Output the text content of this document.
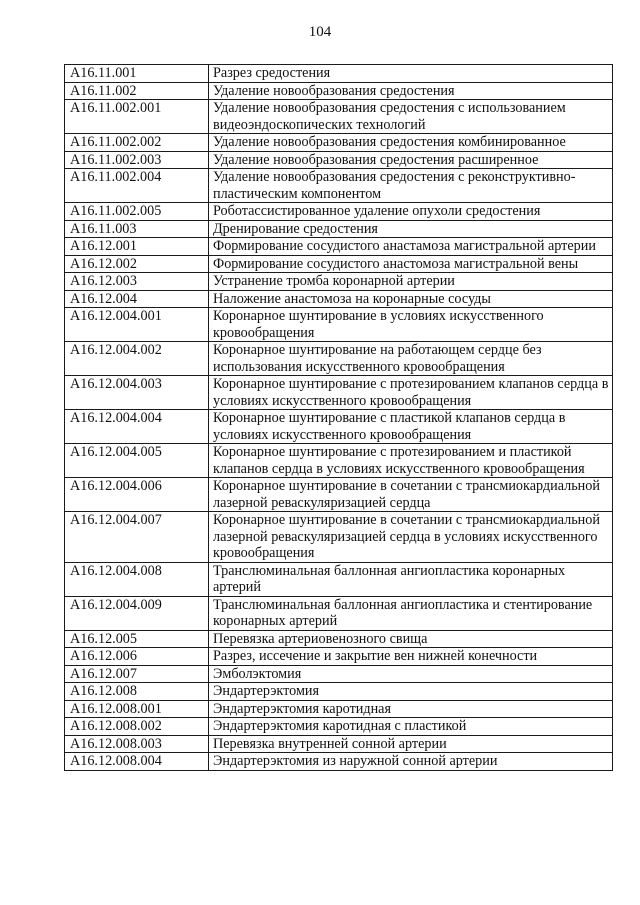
104
A16.11.001	Разрез средостения
A16.11.002	Удаление новообразования средостения
A16.11.002.001	Удаление новообразования средостения с использованием видеоэндоскопических технологий
A16.11.002.002	Удаление новообразования средостения комбинированное
A16.11.002.003	Удаление новообразования средостения расширенное
A16.11.002.004	Удаление новообразования средостения с реконструктивно-пластическим компонентом
A16.11.002.005	Роботассистированное удаление опухоли средостения
A16.11.003	Дренирование средостения
A16.12.001	Формирование сосудистого анастамоза магистральной артерии
A16.12.002	Формирование сосудистого анастомоза магистральной вены
A16.12.003	Устранение тромба коронарной артерии
A16.12.004	Наложение анастомоза на коронарные сосуды
A16.12.004.001	Коронарное шунтирование в условиях искусственного кровообращения
A16.12.004.002	Коронарное шунтирование на работающем сердце без использования искусственного кровообращения
A16.12.004.003	Коронарное шунтирование с протезированием клапанов сердца в условиях искусственного кровообращения
A16.12.004.004	Коронарное шунтирование с пластикой клапанов сердца в условиях искусственного кровообращения
A16.12.004.005	Коронарное шунтирование с протезированием и пластикой клапанов сердца в условиях искусственного кровообращения
A16.12.004.006	Коронарное шунтирование в сочетании с трансмиокардиальной лазерной реваскуляризацией сердца
A16.12.004.007	Коронарное шунтирование в сочетании с трансмиокардиальной лазерной реваскуляризацией сердца в условиях искусственного кровообращения
A16.12.004.008	Транслюминальная баллонная ангиопластика коронарных артерий
A16.12.004.009	Транслюминальная баллонная ангиопластика и стентирование коронарных артерий
A16.12.005	Перевязка артериовенозного свища
A16.12.006	Разрез, иссечение и закрытие вен нижней конечности
A16.12.007	Эмболэктомия
A16.12.008	Эндартерэктомия
A16.12.008.001	Эндартерэктомия каротидная
A16.12.008.002	Эндартерэктомия каротидная с пластикой
A16.12.008.003	Перевязка внутренней сонной артерии
A16.12.008.004	Эндартерэктомия из наружной сонной артерии
